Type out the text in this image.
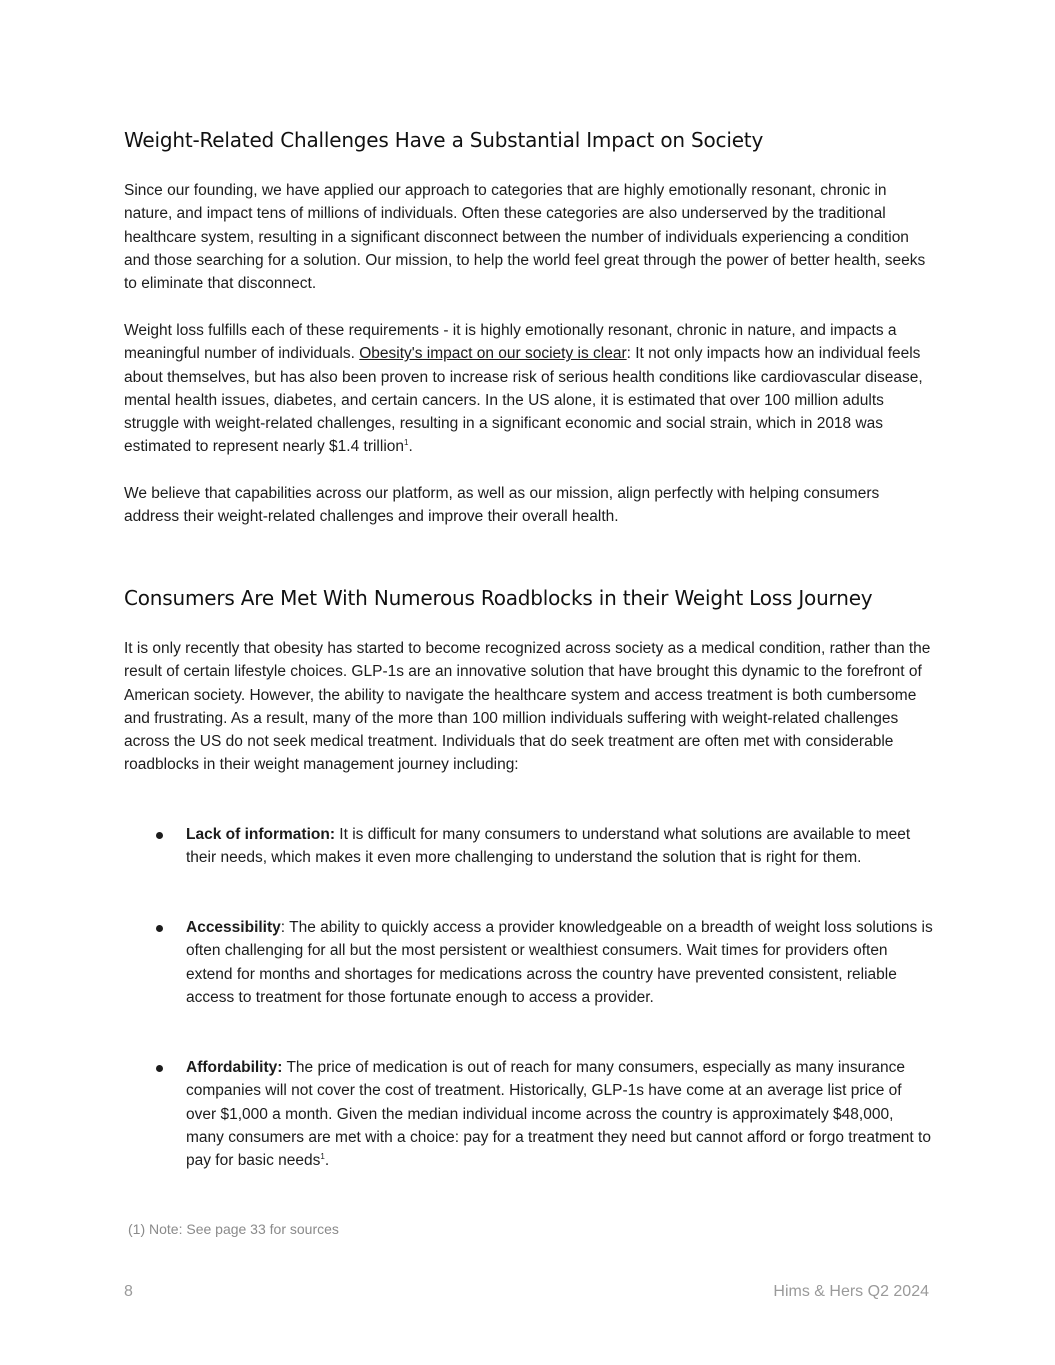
Weight-Related Challenges Have a Substantial Impact on Society

Since our founding, we have applied our approach to categories that are highly emotionally resonant, chronic in nature, and impact tens of millions of individuals. Often these categories are also underserved by the traditional healthcare system, resulting in a significant disconnect between the number of individuals experiencing a condition and those searching for a solution. Our mission, to help the world feel great through the power of better health, seeks to eliminate that disconnect.

Weight loss fulfills each of these requirements - it is highly emotionally resonant, chronic in nature, and impacts a meaningful number of individuals. Obesity's impact on our society is clear: It not only impacts how an individual feels about themselves, but has also been proven to increase risk of serious health conditions like cardiovascular disease, mental health issues, diabetes, and certain cancers. In the US alone, it is estimated that over 100 million adults struggle with weight-related challenges, resulting in a significant economic and social strain, which in 2018 was estimated to represent nearly $1.4 trillion$^1$.

We believe that capabilities across our platform, as well as our mission, align perfectly with helping consumers address their weight-related challenges and improve their overall health.

Consumers Are Met With Numerous Roadblocks in their Weight Loss Journey

It is only recently that obesity has started to become recognized across society as a medical condition, rather than the result of certain lifestyle choices. GLP-1s are an innovative solution that have brought this dynamic to the forefront of American society. However, the ability to navigate the healthcare system and access treatment is both cumbersome and frustrating. As a result, many of the more than 100 million individuals suffering with weight-related challenges across the US do not seek medical treatment. Individuals that do seek treatment are often met with considerable roadblocks in their weight management journey including:

Lack of information: It is difficult for many consumers to understand what solutions are available to meet their needs, which makes it even more challenging to understand the solution that is right for them.

Accessibility: The ability to quickly access a provider knowledgeable on a breadth of weight loss solutions is often challenging for all but the most persistent or wealthiest consumers. Wait times for providers often extend for months and shortages for medications across the country have prevented consistent, reliable access to treatment for those fortunate enough to access a provider.

Affordability: The price of medication is out of reach for many consumers, especially as many insurance companies will not cover the cost of treatment. Historically, GLP-1s have come at an average list price of over $1,000 a month. Given the median individual income across the country is approximately $48,000, many consumers are met with a choice: pay for a treatment they need but cannot afford or forgo treatment to pay for basic needs$^1$.

(1) Note: See page 33 for sources
8	Hims & Hers Q2 2024
